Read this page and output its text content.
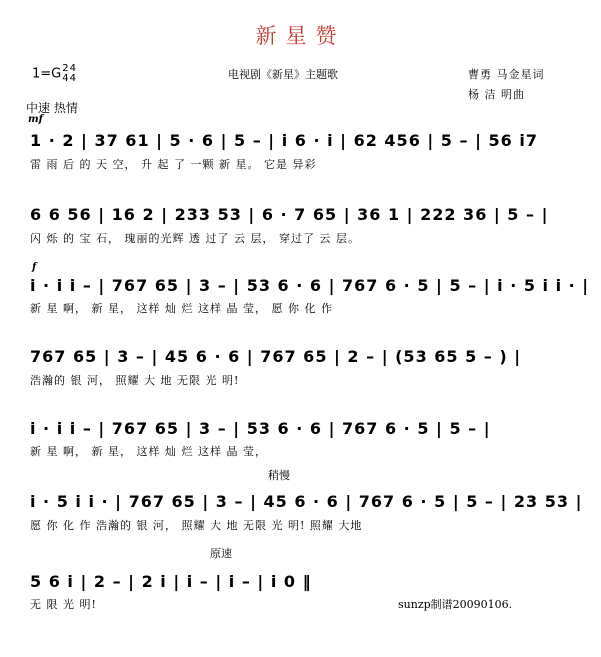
新星赞
1=G 2
4
4
4	电视剧《新星》主题歌	曹勇 马金星词
杨 洁 明曲
中速 热情
mf
f
稍慢
原速
1 · 2 | 37 61 | 5 · 6 | 5 – | i 6 · i | 62 456 | 5 – | 56 i7
雷 雨 后 的 天 空， 升 起 了 一颗 新 星。 它是 异彩
6 6 56 | 16 2 | 233 53 | 6 · 7 65 | 36 1 | 222 36 | 5 – |
闪 烁 的 宝 石， 瑰丽的光辉 透 过了 云 层， 穿过了 云 层。
i · i i – | 767 65 | 3 – | 53 6 · 6 | 767 6 · 5 | 5 – | i · 5 i i · |
新 星 啊， 新 星， 这样 灿 烂 这样 晶 莹， 愿 你 化 作
767 65 | 3 – | 45 6 · 6 | 767 65 | 2 – | (53 65 5 – ) |
浩瀚的 银 河， 照耀 大 地 无限 光 明!
i · i i – | 767 65 | 3 – | 53 6 · 6 | 767 6 · 5 | 5 – |
新 星 啊， 新 星， 这样 灿 烂 这样 晶 莹，
i · 5 i i · | 767 65 | 3 – | 45 6 · 6 | 767 6 · 5 | 5 – | 23 53 |
愿 你 化 作 浩瀚的 银 河， 照耀 大 地 无限 光 明! 照耀 大地
5 6 i | 2 – | 2 i | i – | i – | i 0 ‖
无 限 光 明!	sunzp制谱20090106.
